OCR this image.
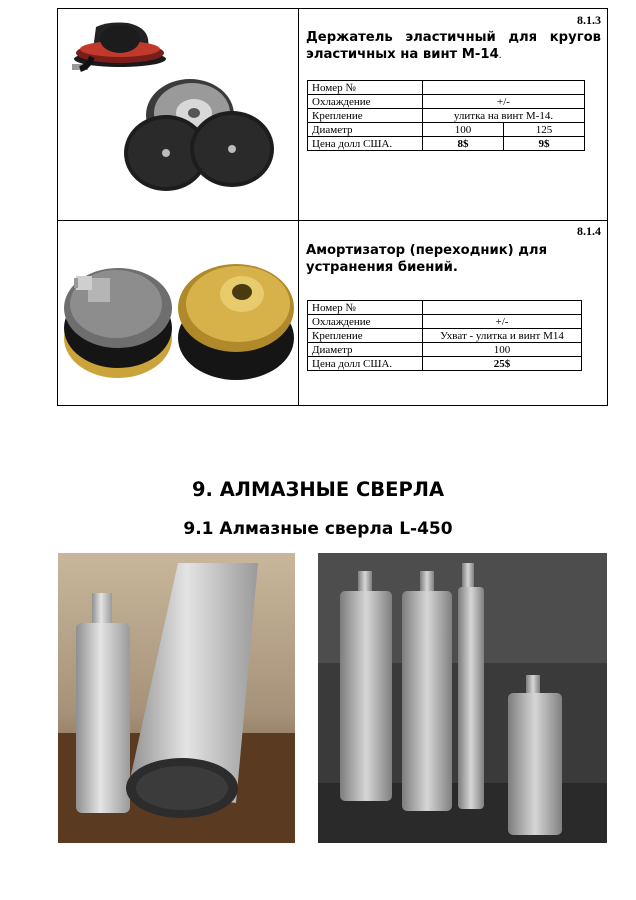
8.1.3
Держатель эластичный для кругов эластичных на винт М-14.
Номер №		
Охлаждение	+/-	
Крепление	улитка на винт М-14.	
Диаметр	100	125
Цена долл США.	8$	9$
8.1.4
Амортизатор (переходник) для устранения биений.
Номер №	
Охлаждение	+/-
Крепление	Ухват - улитка и винт М14
Диаметр	100
Цена долл США.	25$
9. АЛМАЗНЫЕ СВЕРЛА
9.1 Алмазные сверла L-450
